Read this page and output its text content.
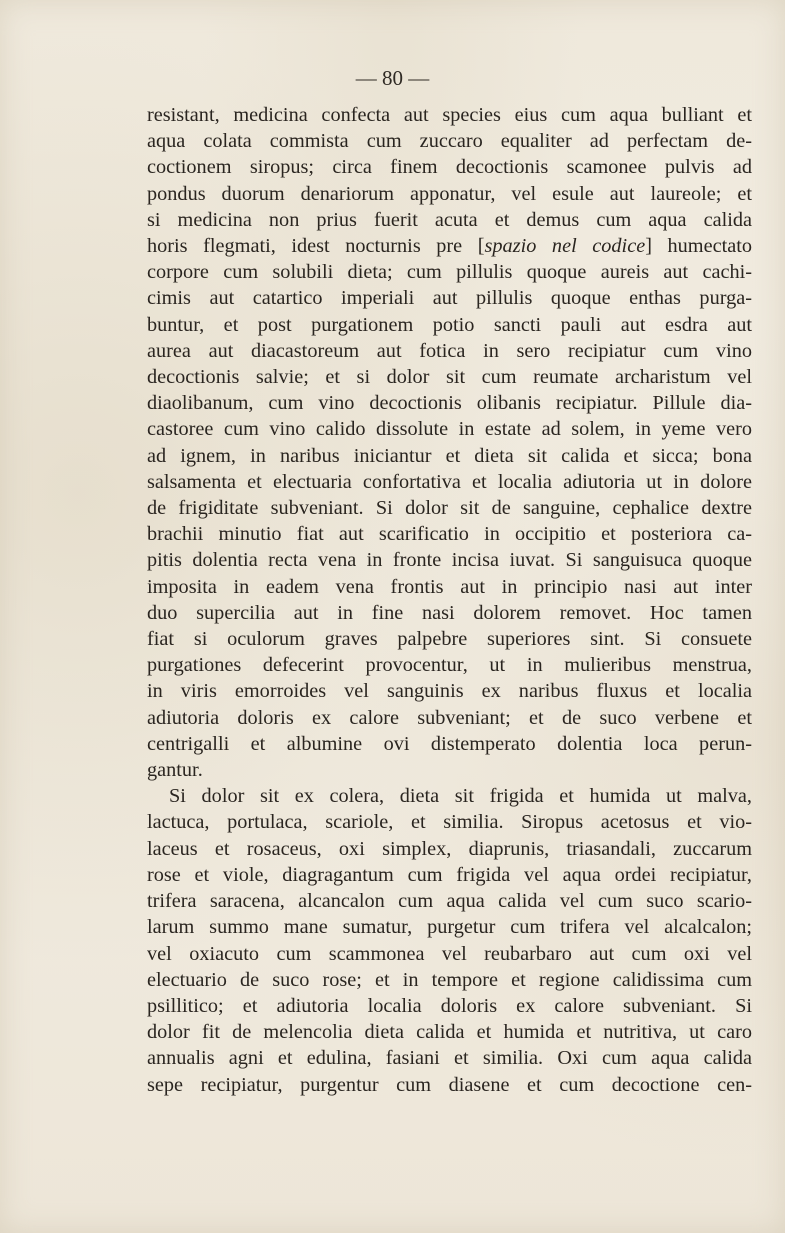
— 80 —

resistant, medicina confecta aut species eius cum aqua bulliant et
aqua colata commista cum zuccaro equaliter ad perfectam de-
coctionem siropus; circa finem decoctionis scamonee pulvis ad
pondus duorum denariorum apponatur, vel esule aut laureole; et
si medicina non prius fuerit acuta et demus cum aqua calida
horis flegmati, idest nocturnis pre [spazio nel codice] humectato
corpore cum solubili dieta; cum pillulis quoque aureis aut cachi-
cimis aut catartico imperiali aut pillulis quoque enthas purga-
buntur, et post purgationem potio sancti pauli aut esdra aut
aurea aut diacastoreum aut fotica in sero recipiatur cum vino
decoctionis salvie; et si dolor sit cum reumate archaristum vel
diaolibanum, cum vino decoctionis olibanis recipiatur. Pillule dia-
castoree cum vino calido dissolute in estate ad solem, in yeme vero
ad ignem, in naribus iniciantur et dieta sit calida et sicca; bona
salsamenta et electuaria confortativa et localia adiutoria ut in dolore
de frigiditate subveniant. Si dolor sit de sanguine, cephalice dextre
brachii minutio fiat aut scarificatio in occipitio et posteriora ca-
pitis dolentia recta vena in fronte incisa iuvat. Si sanguisuca quoque
imposita in eadem vena frontis aut in principio nasi aut inter
duo supercilia aut in fine nasi dolorem removet. Hoc tamen
fiat si oculorum graves palpebre superiores sint. Si consuete
purgationes defecerint provocentur, ut in mulieribus menstrua,
in viris emorroides vel sanguinis ex naribus fluxus et localia
adiutoria doloris ex calore subveniant; et de suco verbene et
centrigalli et albumine ovi distemperato dolentia loca perun-
gantur.

Si dolor sit ex colera, dieta sit frigida et humida ut malva,
lactuca, portulaca, scariole, et similia. Siropus acetosus et vio-
laceus et rosaceus, oxi simplex, diaprunis, triasandali, zuccarum
rose et viole, diagragantum cum frigida vel aqua ordei recipiatur,
trifera saracena, alcancalon cum aqua calida vel cum suco scario-
larum summo mane sumatur, purgetur cum trifera vel alcalcalon;
vel oxiacuto cum scammonea vel reubarbaro aut cum oxi vel
electuario de suco rose; et in tempore et regione calidissima cum
psillitico; et adiutoria localia doloris ex calore subveniant. Si
dolor fit de melencolia dieta calida et humida et nutritiva, ut caro
annualis agni et edulina, fasiani et similia. Oxi cum aqua calida
sepe recipiatur, purgentur cum diasene et cum decoctione cen-
